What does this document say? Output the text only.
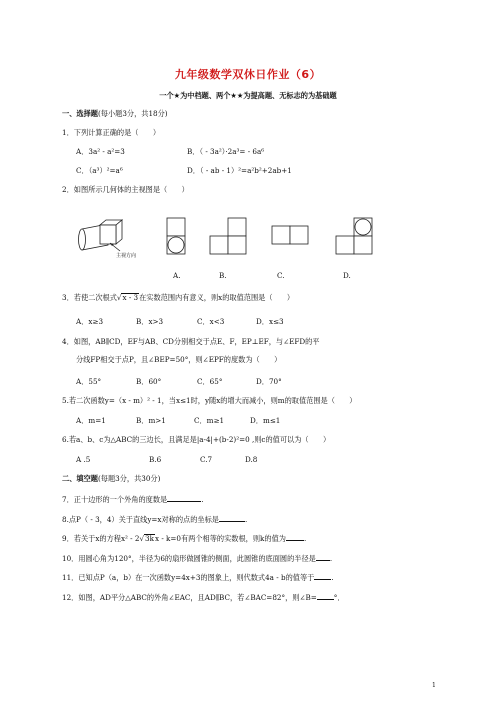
九年级数学双休日作业（6）
一个★为中档题、两个★★为提高题、无标志的为基础题
一、选择题(每小题3分，共18分)
1．下列计算正确的是（　　）
A．3a² - a²=3	B．（ - 3a²）·2a³= - 6a⁶
C．（a³）²=a⁶	D．（ - ab - 1）²=a²b²+2ab+1
2．如图所示几何体的主视图是（　　）
主视方向
A.	B.	C.	D.
3．若使二次根式√x - 3在实数范围内有意义，则x的取值范围是（　　）
A．x≥3	B．x>3	C．x<3	D．x≤3
4．如图，AB∥CD，EF与AB、CD分别相交于点E、F，EP⊥EF，与∠EFD的平
分线FP相交于点P，且∠BEP=50°，则∠EPF的度数为（　　）
A．55°	B．60°	C．65°	D．70°
5.若二次函数y=（x - m）² - 1，当x≤1时，y随x的增大而减小，则m的取值范围是（　　）
A．m=1	B．m>1	C．m≥1	D．m≤1
6.若a、b、c为△ABC的三边长，且满足是|a-4|+(b-2)²=0 ,则c的值可以为（　　）
A .5	B.6	C.7	D.8
二、填空题(每题3分，共30分)
7．正十边形的一个外角的度数是	.
8.点P（ - 3，4）关于直线y=x对称的点的坐标是	.
9．若关于x的方程x² - 2√3kx - k=0有两个相等的实数根，则k的值为	.
10．用圆心角为120°，半径为6的扇形做圆锥的侧面，此圆锥的底面圆的半径是 .
11．已知点P（a，b）在一次函数y=4x+3的图象上，则代数式4a - b的值等于 .
12．如图，AD平分△ABC的外角∠EAC，且AD∥BC，若∠BAC=82°，则∠B= °．
1
